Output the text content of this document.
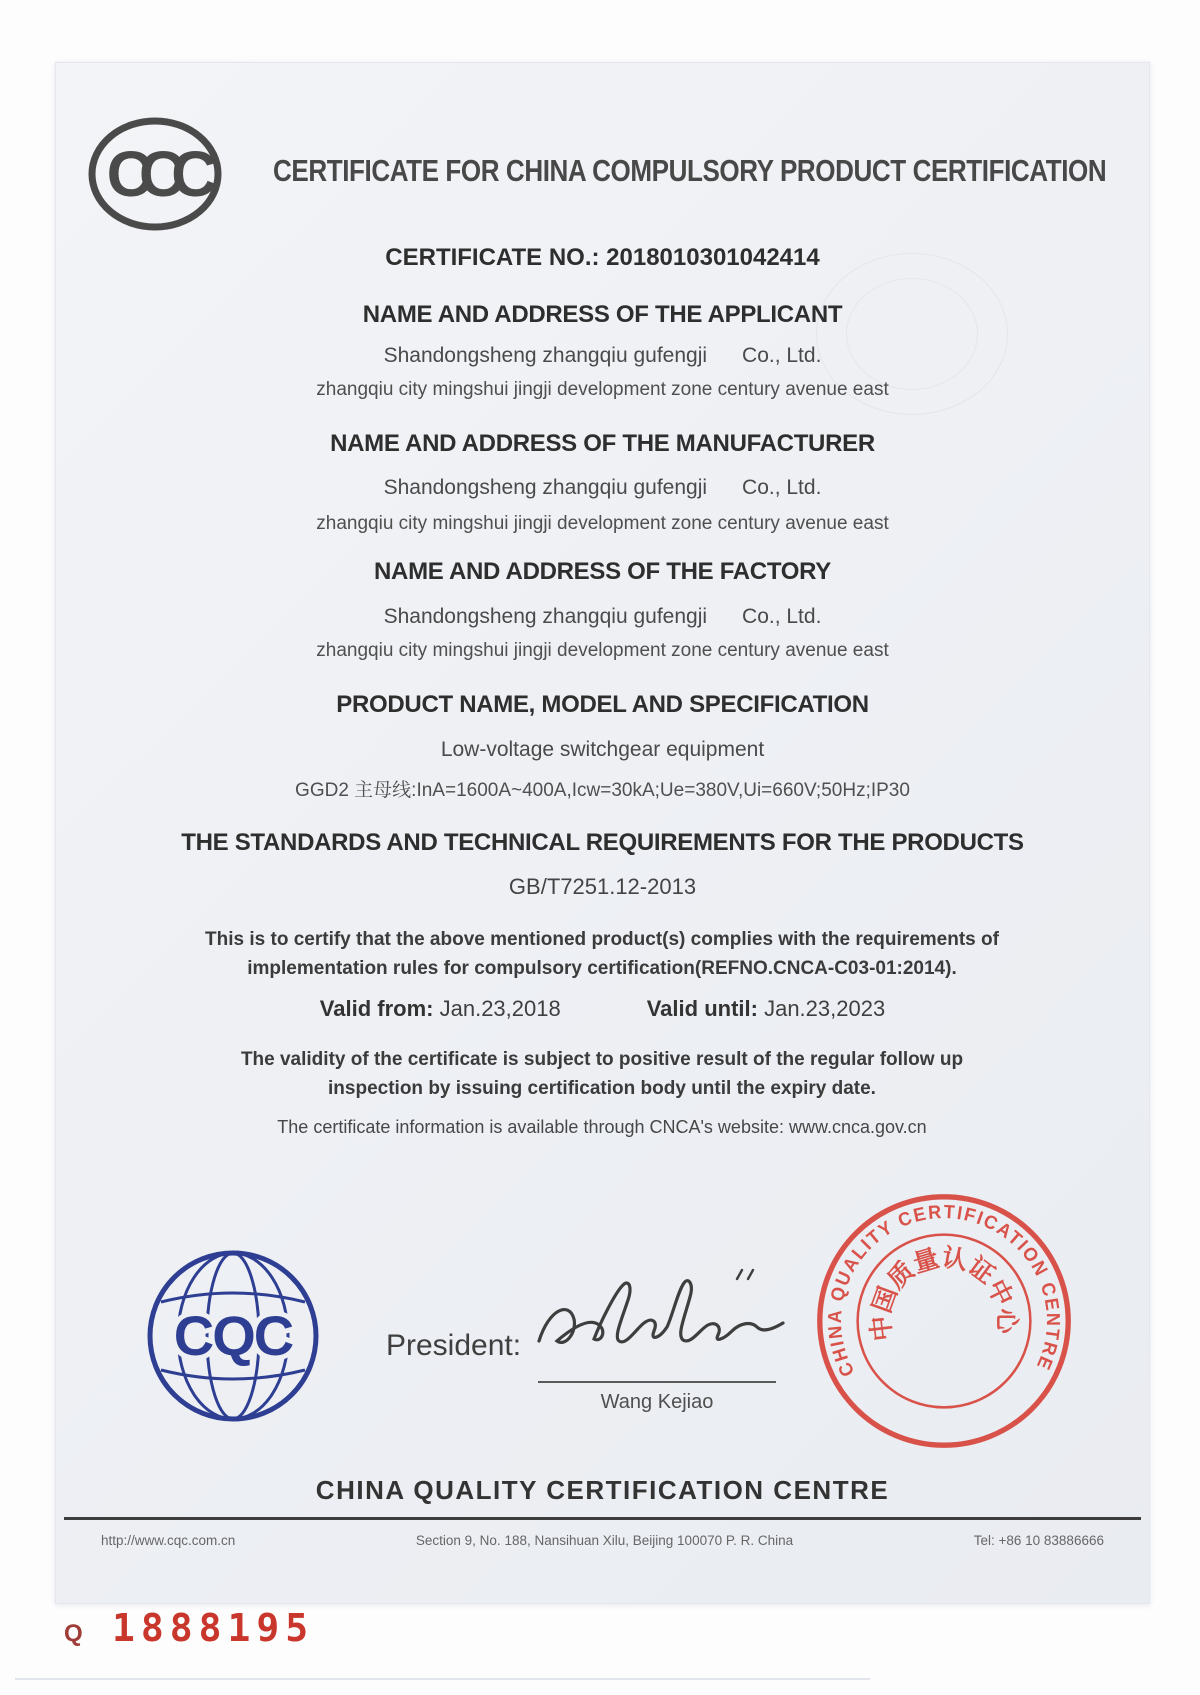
CCC	CERTIFICATE FOR CHINA COMPULSORY PRODUCT CERTIFICATION
CERTIFICATE NO.: 2018010301042414
NAME AND ADDRESS OF THE APPLICANT
Shandongsheng zhangqiu gufengji      Co., Ltd.
zhangqiu city mingshui jingji development zone century avenue east
NAME AND ADDRESS OF THE MANUFACTURER
Shandongsheng zhangqiu gufengji      Co., Ltd.
zhangqiu city mingshui jingji development zone century avenue east
NAME AND ADDRESS OF THE FACTORY
Shandongsheng zhangqiu gufengji      Co., Ltd.
zhangqiu city mingshui jingji development zone century avenue east
PRODUCT NAME, MODEL AND SPECIFICATION
Low-voltage switchgear equipment
GGD2 主母线:InA=1600A~400A,Icw=30kA;Ue=380V,Ui=660V;50Hz;IP30
THE STANDARDS AND TECHNICAL REQUIREMENTS FOR THE PRODUCTS
GB/T7251.12-2013
This is to certify that the above mentioned product(s) complies with the requirements of implementation rules for compulsory certification(REFNO.CNCA-C03-01:2014).
Valid from: Jan.23,2018	Valid until: Jan.23,2023
The validity of the certificate is subject to positive result of the regular follow up inspection by issuing certification body until the expiry date.
The certificate information is available through CNCA's website: www.cnca.gov.cn
CQC	President:
Wang Kejiao
CHINA QUALITY CERTIFICATION CENTRE
中国质量认证中心
CHINA QUALITY CERTIFICATION CENTRE
http://www.cqc.com.cn	Section 9, No. 188, Nansihuan Xilu, Beijing 100070 P. R. China	Tel: +86 10 83886666
Q 1888195
